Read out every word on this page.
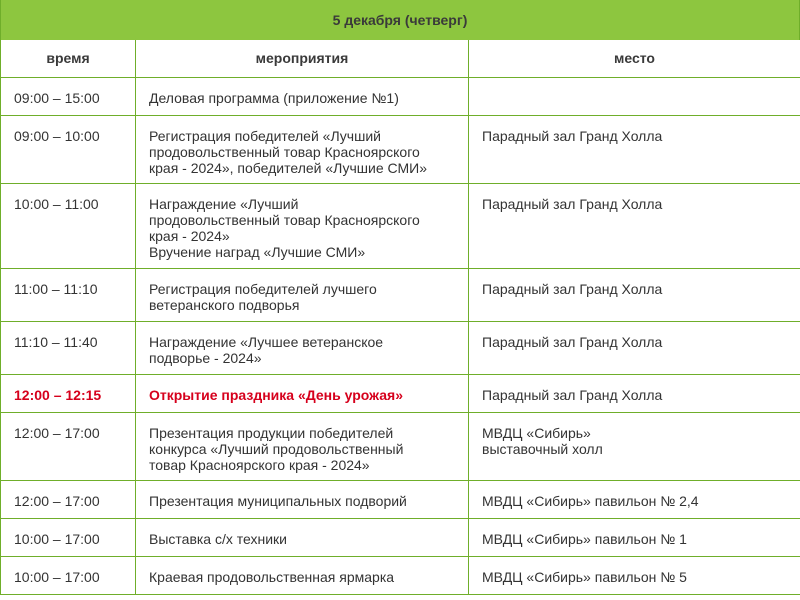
5 декабря (четверг)
время	мероприятия	место
09:00 – 15:00	Деловая программа (приложение №1)	
09:00 – 10:00	Регистрация победителей «Лучший
продовольственный товар Красноярского
края - 2024», победителей «Лучшие СМИ»	Парадный зал Гранд Холла
10:00 – 11:00	Награждение «Лучший
продовольственный товар Красноярского
края - 2024»
Вручение наград «Лучшие СМИ»	Парадный зал Гранд Холла
11:00 – 11:10	Регистрация победителей лучшего
ветеранского подворья	Парадный зал Гранд Холла
11:10 – 11:40	Награждение «Лучшее ветеранское
подворье - 2024»	Парадный зал Гранд Холла
12:00 – 12:15	Открытие праздника «День урожая»	Парадный зал Гранд Холла
12:00 – 17:00	Презентация продукции победителей
конкурса «Лучший продовольственный
товар Красноярского края - 2024»	МВДЦ «Сибирь»
выставочный холл
12:00 – 17:00	Презентация муниципальных подворий	МВДЦ «Сибирь» павильон № 2,4
10:00 – 17:00	Выставка с/х техники	МВДЦ «Сибирь» павильон № 1
10:00 – 17:00	Краевая продовольственная ярмарка	МВДЦ «Сибирь» павильон № 5
